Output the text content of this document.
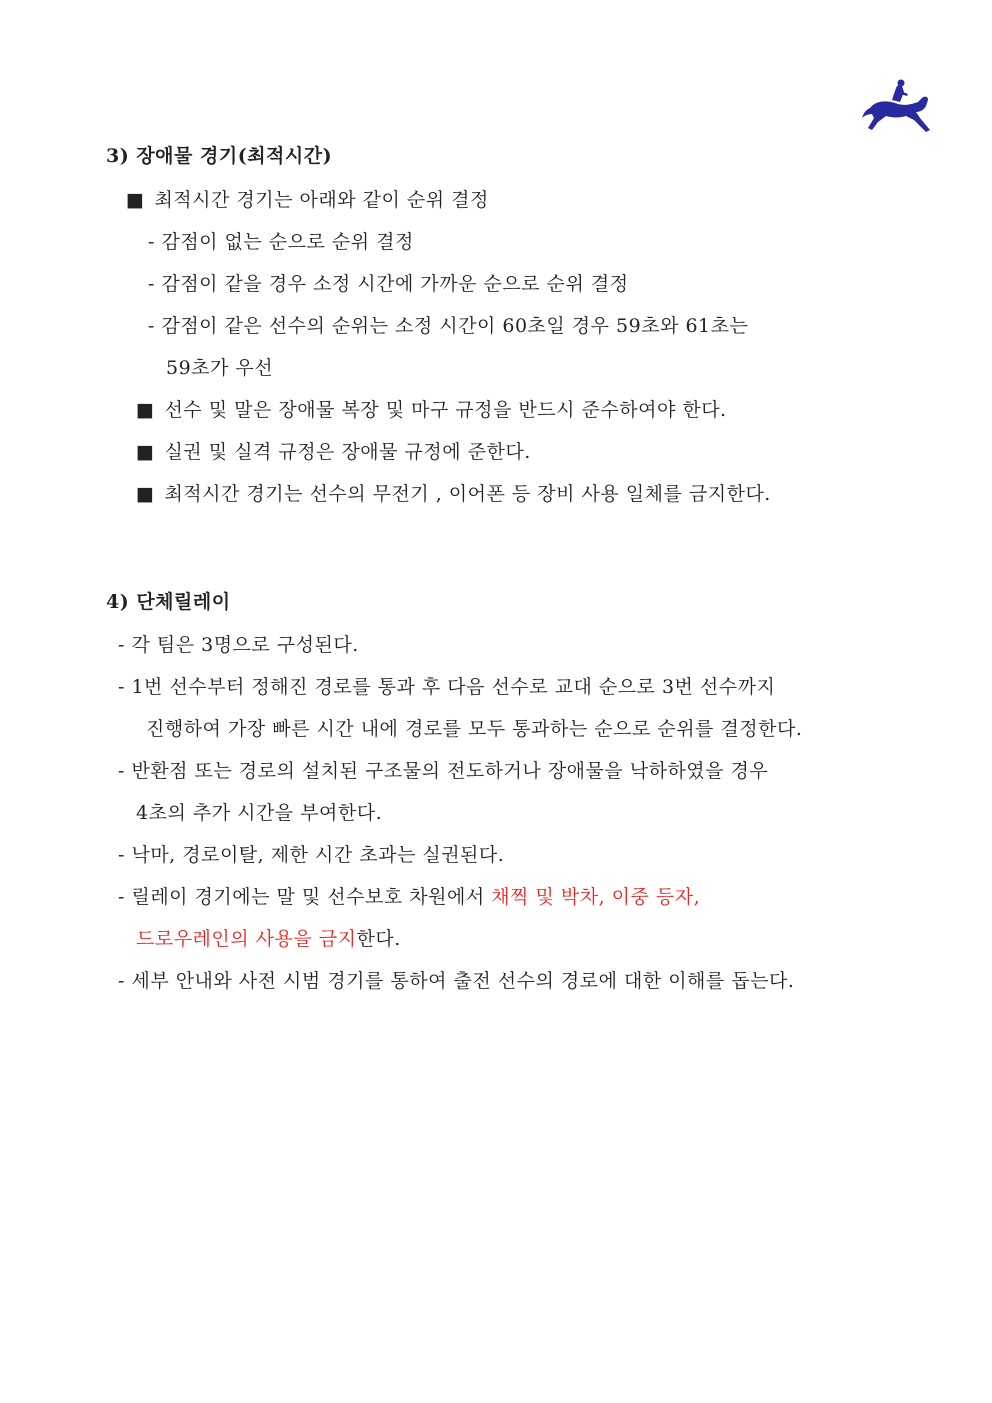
3) 장애물 경기(최적시간)
■ 최적시간 경기는 아래와 같이 순위 결정
- 감점이 없는 순으로 순위 결정
- 감점이 같을 경우 소정 시간에 가까운 순으로 순위 결정
- 감점이 같은 선수의 순위는 소정 시간이 60초일 경우 59초와 61초는
59초가 우선
■ 선수 및 말은 장애물 복장 및 마구 규정을 반드시 준수하여야 한다.
■ 실권 및 실격 규정은 장애물 규정에 준한다.
■ 최적시간 경기는 선수의 무전기 , 이어폰 등 장비 사용 일체를 금지한다.
4) 단체릴레이
- 각 팀은 3명으로 구성된다.
- 1번 선수부터 정해진 경로를 통과 후 다음 선수로 교대 순으로 3번 선수까지
진행하여 가장 빠른 시간 내에 경로를 모두 통과하는 순으로 순위를 결정한다.
- 반환점 또는 경로의 설치된 구조물의 전도하거나 장애물을 낙하하였을 경우
4초의 추가 시간을 부여한다.
- 낙마, 경로이탈, 제한 시간 초과는 실권된다.
- 릴레이 경기에는 말 및 선수보호 차원에서 채찍 및 박차, 이중 등자,
드로우레인의 사용을 금지한다.
- 세부 안내와 사전 시범 경기를 통하여 출전 선수의 경로에 대한 이해를 돕는다.
